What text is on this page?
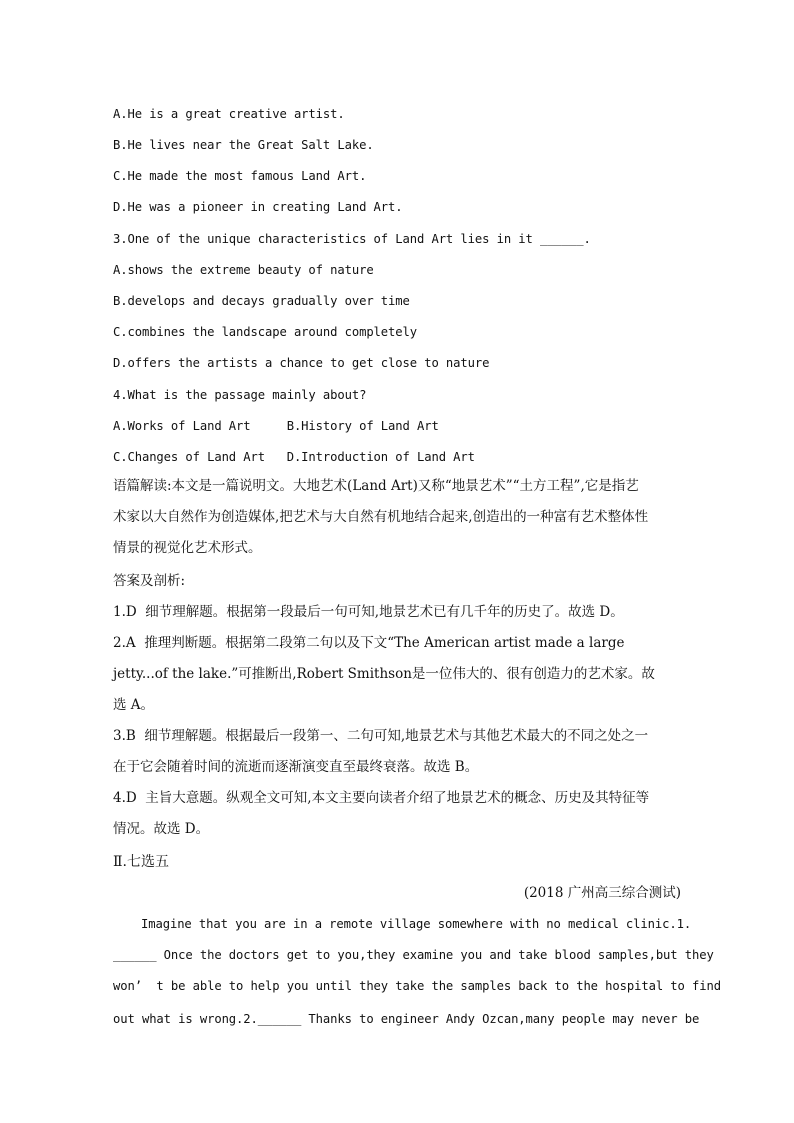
A.He is a great creative artist.
B.He lives near the Great Salt Lake.
C.He made the most famous Land Art.
D.He was a pioneer in creating Land Art.
3.One of the unique characteristics of Land Art lies in it ______.
A.shows the extreme beauty of nature
B.develops and decays gradually over time
C.combines the landscape around completely
D.offers the artists a chance to get close to nature
4.What is the passage mainly about?
A.Works of Land Art     B.History of Land Art
C.Changes of Land Art   D.Introduction of Land Art
语篇解读:本文是一篇说明文。大地艺术(Land Art)又称“地景艺术”“土方工程”,它是指艺
术家以大自然作为创造媒体,把艺术与大自然有机地结合起来,创造出的一种富有艺术整体性
情景的视觉化艺术形式。
答案及剖析:
1.D  细节理解题。根据第一段最后一句可知,地景艺术已有几千年的历史了。故选 D。
2.A  推理判断题。根据第二段第二句以及下文“The American artist made a large
jetty...of the lake.”可推断出,Robert Smithson是一位伟大的、很有创造力的艺术家。故
选 A。
3.B  细节理解题。根据最后一段第一、二句可知,地景艺术与其他艺术最大的不同之处之一
在于它会随着时间的流逝而逐渐演变直至最终衰落。故选 B。
4.D  主旨大意题。纵观全文可知,本文主要向读者介绍了地景艺术的概念、历史及其特征等
情况。故选 D。
Ⅱ.七选五
(2018 广州高三综合测试)
Imagine that you are in a remote village somewhere with no medical clinic.1.
______ Once the doctors get to you,they examine you and take blood samples,but they
won’  t be able to help you until they take the samples back to the hospital to find
out what is wrong.2.______ Thanks to engineer Andy Ozcan,many people may never be
